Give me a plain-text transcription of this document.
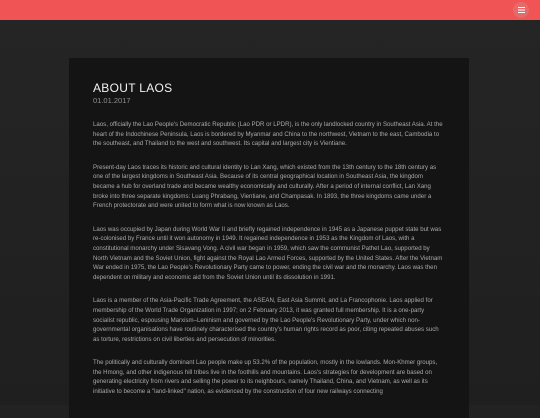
ABOUT LAOS
01.01.2017

Laos, officially the Lao People's Democratic Republic (Lao PDR or LPDR), is the only landlocked country in Southeast Asia. At the heart of the Indochinese Peninsula, Laos is bordered by Myanmar and China to the northwest, Vietnam to the east, Cambodia to the southeast, and Thailand to the west and southwest. Its capital and largest city is Vientiane.

Present-day Laos traces its historic and cultural identity to Lan Xang, which existed from the 13th century to the 18th century as one of the largest kingdoms in Southeast Asia. Because of its central geographical location in Southeast Asia, the kingdom became a hub for overland trade and became wealthy economically and culturally. After a period of internal conflict, Lan Xang broke into three separate kingdoms: Luang Phrabang, Vientiane, and Champasak. In 1893, the three kingdoms came under a French protectorate and were united to form what is now known as Laos.

Laos was occupied by Japan during World War II and briefly regained independence in 1945 as a Japanese puppet state but was re-colonised by France until it won autonomy in 1949. It regained independence in 1953 as the Kingdom of Laos, with a constitutional monarchy under Sisavang Vong. A civil war began in 1959, which saw the communist Pathet Lao, supported by North Vietnam and the Soviet Union, fight against the Royal Lao Armed Forces, supported by the United States. After the Vietnam War ended in 1975, the Lao People's Revolutionary Party came to power, ending the civil war and the monarchy. Laos was then dependent on military and economic aid from the Soviet Union until its dissolution in 1991.

Laos is a member of the Asia-Pacific Trade Agreement, the ASEAN, East Asia Summit, and La Francophonie. Laos applied for membership of the World Trade Organization in 1997; on 2 February 2013, it was granted full membership. It is a one-party socialist republic, espousing Marxism–Leninism and governed by the Lao People's Revolutionary Party, under which non-governmental organisations have routinely characterised the country's human rights record as poor, citing repeated abuses such as torture, restrictions on civil liberties and persecution of minorities.

The politically and culturally dominant Lao people make up 53.2% of the population, mostly in the lowlands. Mon-Khmer groups, the Hmong, and other indigenous hill tribes live in the foothills and mountains. Laos's strategies for development are based on generating electricity from rivers and selling the power to its neighbours, namely Thailand, China, and Vietnam, as well as its initiative to become a "land-linked" nation, as evidenced by the construction of four new railways connecting
